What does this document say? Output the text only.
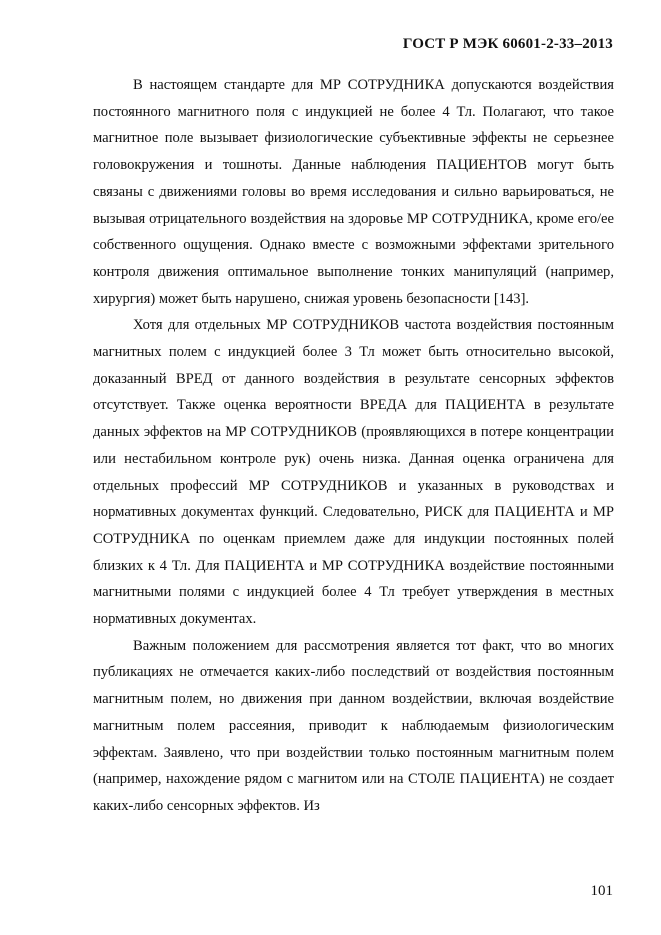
ГОСТ Р МЭК 60601-2-33–2013

В настоящем стандарте для МР СОТРУДНИКА допускаются воздействия постоянного магнитного поля с индукцией не более 4 Тл. Полагают, что такое магнитное поле вызывает физиологические субъективные эффекты не серьезнее головокружения и тошноты. Данные наблюдения ПАЦИЕНТОВ могут быть связаны с движениями головы во время исследования и сильно варьироваться, не вызывая отрицательного воздействия на здоровье МР СОТРУДНИКА, кроме его/ее собственного ощущения. Однако вместе с возможными эффектами зрительного контроля движения оптимальное выполнение тонких манипуляций (например, хирургия) может быть нарушено, снижая уровень безопасности [143].

Хотя для отдельных МР СОТРУДНИКОВ частота воздействия постоянным магнитных полем с индукцией более 3 Тл может быть относительно высокой, доказанный ВРЕД от данного воздействия в результате сенсорных эффектов отсутствует. Также оценка вероятности ВРЕДА для ПАЦИЕНТА в результате данных эффектов на МР СОТРУДНИКОВ (проявляющихся в потере концентрации или нестабильном контроле рук) очень низка. Данная оценка ограничена для отдельных профессий МР СОТРУДНИКОВ и указанных в руководствах и нормативных документах функций. Следовательно, РИСК для ПАЦИЕНТА и МР СОТРУДНИКА по оценкам приемлем даже для индукции постоянных полей близких к 4 Тл. Для ПАЦИЕНТА и МР СОТРУДНИКА воздействие постоянными магнитными полями с индукцией более 4 Тл требует утверждения в местных нормативных документах.

Важным положением для рассмотрения является тот факт, что во многих публикациях не отмечается каких-либо последствий от воздействия постоянным магнитным полем, но движения при данном воздействии, включая воздействие магнитным полем рассеяния, приводит к наблюдаемым физиологическим эффектам. Заявлено, что при воздействии только постоянным магнитным полем (например, нахождение рядом с магнитом или на СТОЛЕ ПАЦИЕНТА) не создает каких-либо сенсорных эффектов. Из

101
